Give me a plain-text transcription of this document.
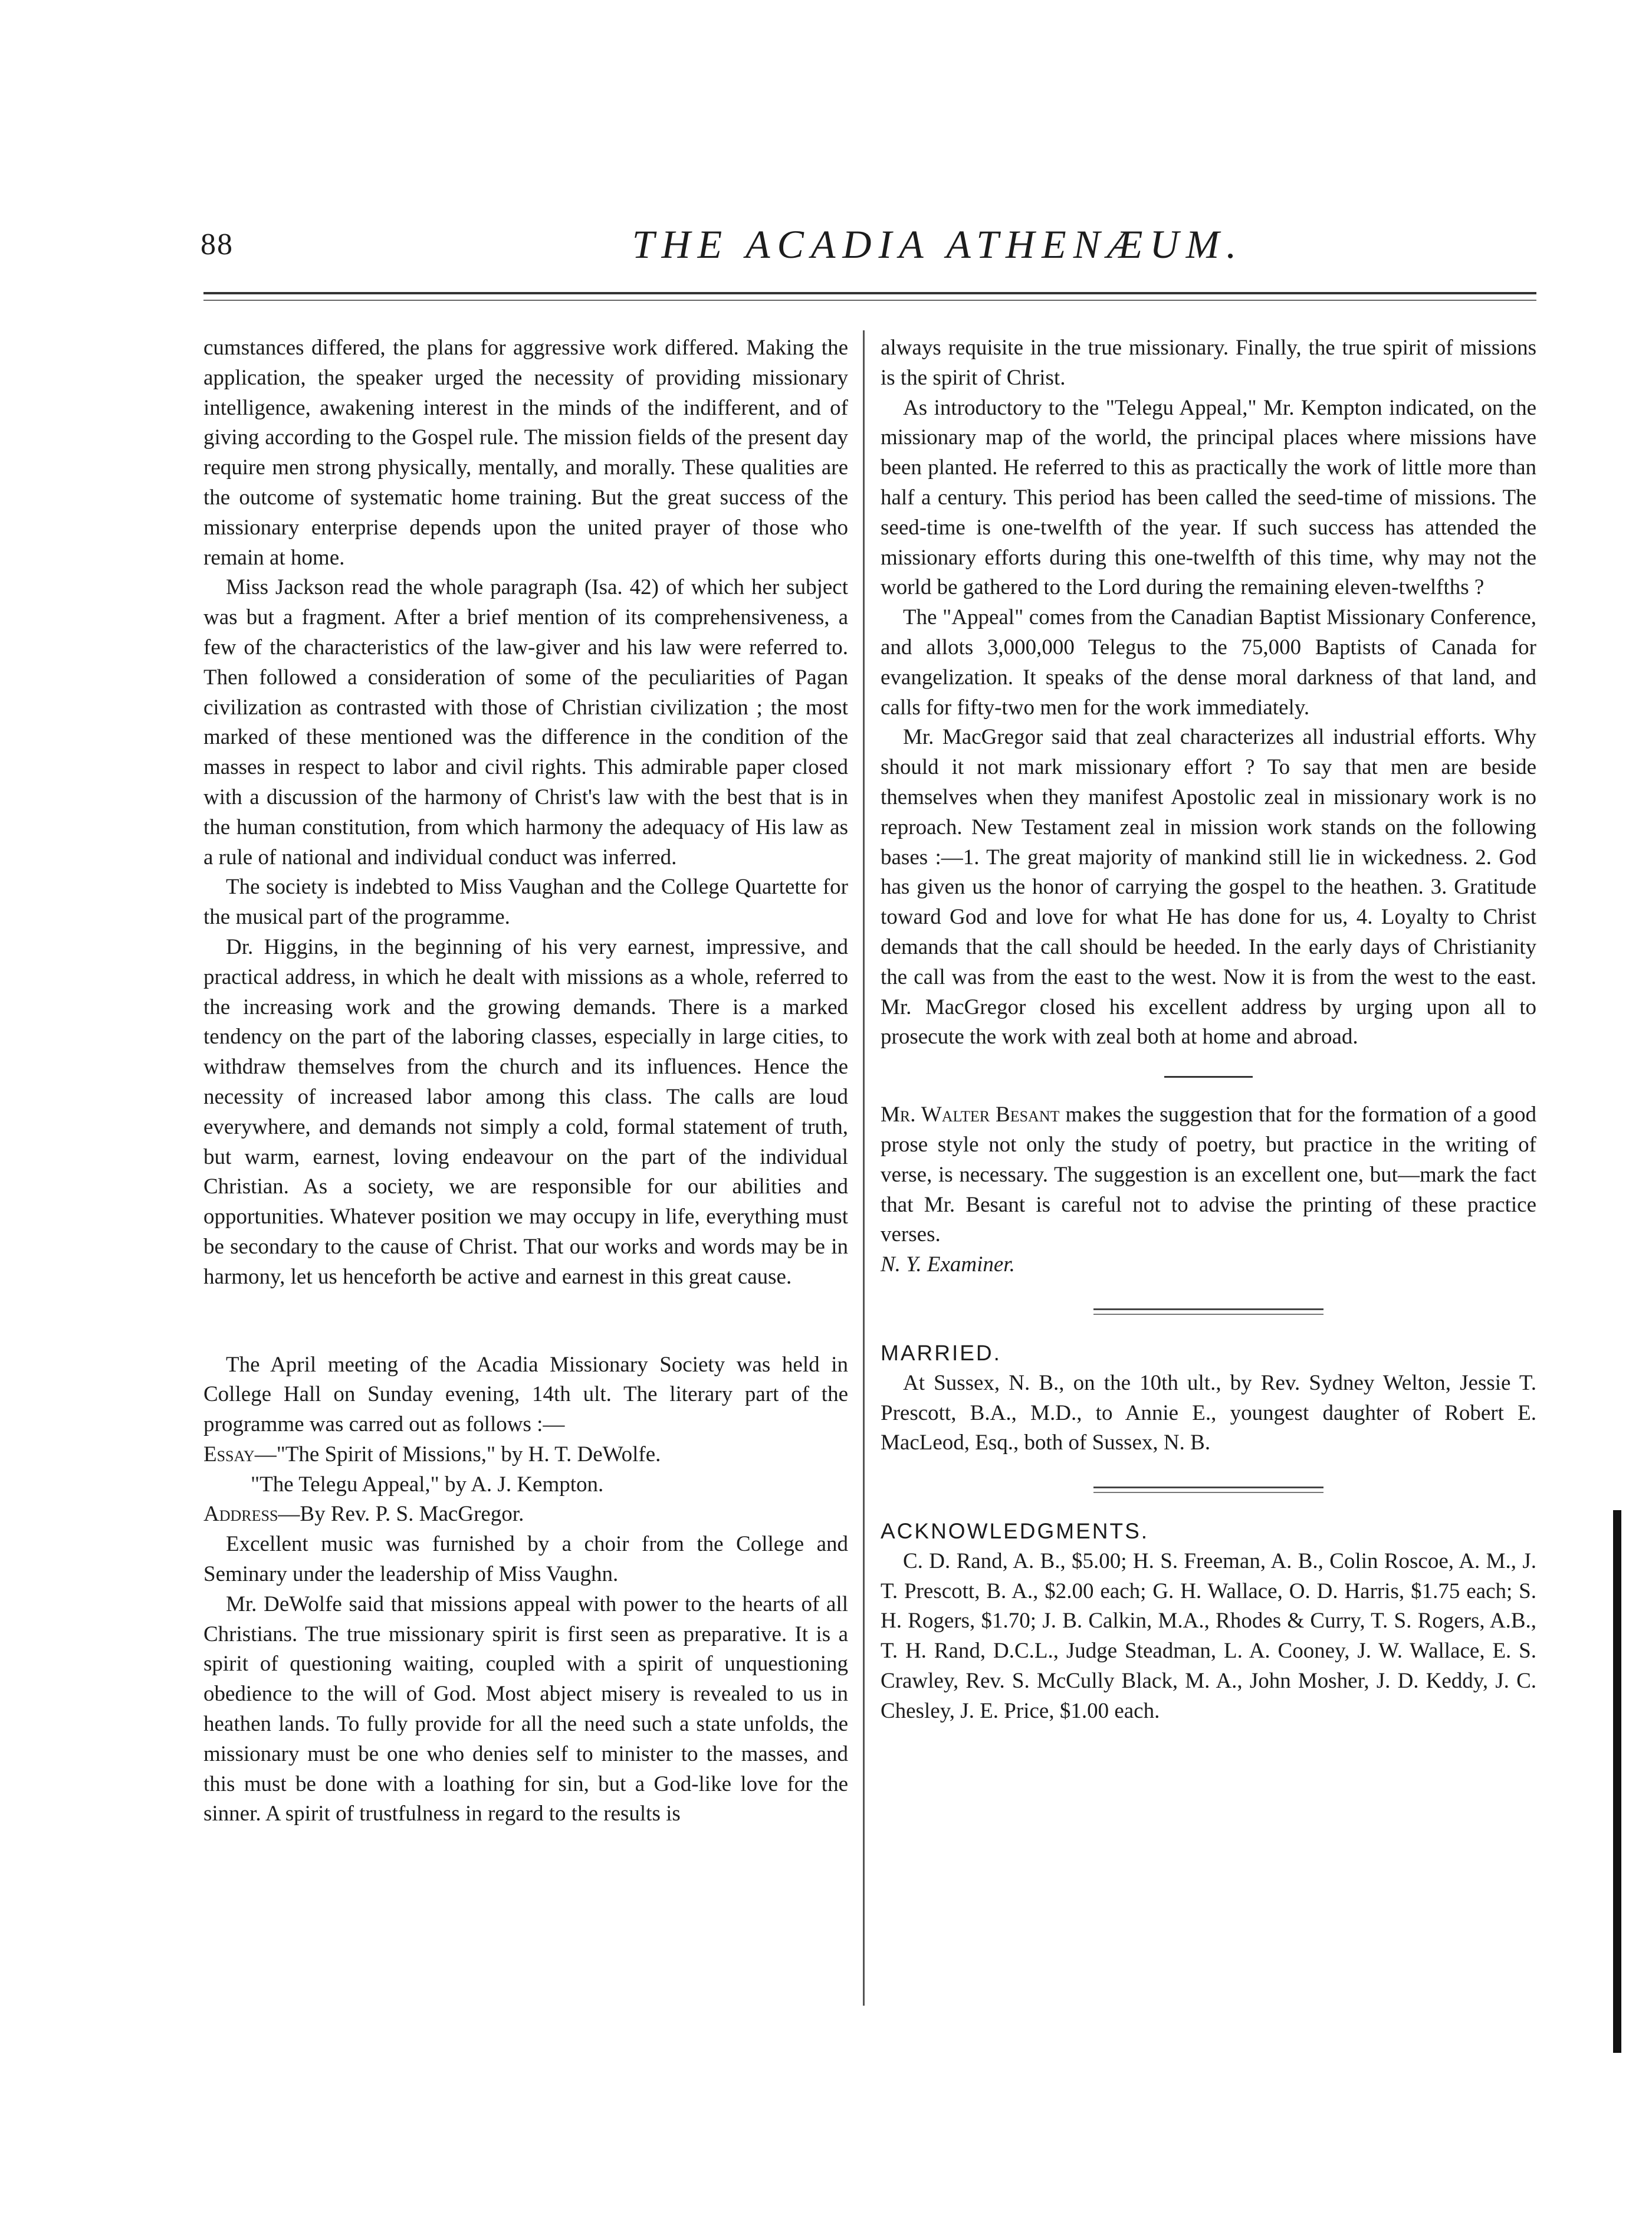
88	THE ACADIA ATHENÆUM.

cumstances differed, the plans for aggressive work differed. Making the application, the speaker urged the necessity of providing missionary intelligence, awakening interest in the minds of the indifferent, and of giving according to the Gospel rule. The mission fields of the present day require men strong physically, mentally, and morally. These qualities are the outcome of systematic home training. But the great success of the missionary enterprise depends upon the united prayer of those who remain at home.

Miss Jackson read the whole paragraph (Isa. 42) of which her subject was but a fragment. After a brief mention of its comprehensiveness, a few of the characteristics of the law-giver and his law were referred to. Then followed a consideration of some of the peculiarities of Pagan civilization as contrasted with those of Christian civilization ; the most marked of these mentioned was the difference in the condition of the masses in respect to labor and civil rights. This admirable paper closed with a discussion of the harmony of Christ's law with the best that is in the human constitution, from which harmony the adequacy of His law as a rule of national and individual conduct was inferred.

The society is indebted to Miss Vaughan and the College Quartette for the musical part of the programme.

Dr. Higgins, in the beginning of his very earnest, impressive, and practical address, in which he dealt with missions as a whole, referred to the increasing work and the growing demands. There is a marked tendency on the part of the laboring classes, especially in large cities, to withdraw themselves from the church and its influences. Hence the necessity of increased labor among this class. The calls are loud everywhere, and demands not simply a cold, formal statement of truth, but warm, earnest, loving endeavour on the part of the individual Christian. As a society, we are responsible for our abilities and opportunities. Whatever position we may occupy in life, everything must be secondary to the cause of Christ. That our works and words may be in harmony, let us henceforth be active and earnest in this great cause.

The April meeting of the Acadia Missionary Society was held in College Hall on Sunday evening, 14th ult. The literary part of the programme was carred out as follows :—

Essay—"The Spirit of Missions," by H. T. DeWolfe.

"The Telegu Appeal," by A. J. Kempton.

Address—By Rev. P. S. MacGregor.

Excellent music was furnished by a choir from the College and Seminary under the leadership of Miss Vaughn.

Mr. DeWolfe said that missions appeal with power to the hearts of all Christians. The true missionary spirit is first seen as preparative. It is a spirit of questioning waiting, coupled with a spirit of unquestioning obedience to the will of God. Most abject misery is revealed to us in heathen lands. To fully provide for all the need such a state unfolds, the missionary must be one who denies self to minister to the masses, and this must be done with a loathing for sin, but a God-like love for the sinner. A spirit of trustfulness in regard to the results is

always requisite in the true missionary. Finally, the true spirit of missions is the spirit of Christ.

As introductory to the "Telegu Appeal," Mr. Kempton indicated, on the missionary map of the world, the principal places where missions have been planted. He referred to this as practically the work of little more than half a century. This period has been called the seed-time of missions. The seed-time is one-twelfth of the year. If such success has attended the missionary efforts during this one-twelfth of this time, why may not the world be gathered to the Lord during the remaining eleven-twelfths ?

The "Appeal" comes from the Canadian Baptist Missionary Conference, and allots 3,000,000 Telegus to the 75,000 Baptists of Canada for evangelization. It speaks of the dense moral darkness of that land, and calls for fifty-two men for the work immediately.

Mr. MacGregor said that zeal characterizes all industrial efforts. Why should it not mark missionary effort ? To say that men are beside themselves when they manifest Apostolic zeal in missionary work is no reproach. New Testament zeal in mission work stands on the following bases :—1. The great majority of mankind still lie in wickedness. 2. God has given us the honor of carrying the gospel to the heathen. 3. Gratitude toward God and love for what He has done for us, 4. Loyalty to Christ demands that the call should be heeded. In the early days of Christianity the call was from the east to the west. Now it is from the west to the east. Mr. MacGregor closed his excellent address by urging upon all to prosecute the work with zeal both at home and abroad.

Mr. Walter Besant makes the suggestion that for the formation of a good prose style not only the study of poetry, but practice in the writing of verse, is necessary. The suggestion is an excellent one, but—mark the fact that Mr. Besant is careful not to advise the printing of these practice verses.

N. Y. Examiner.

MARRIED.

At Sussex, N. B., on the 10th ult., by Rev. Sydney Welton, Jessie T. Prescott, B.A., M.D., to Annie E., youngest daughter of Robert E. MacLeod, Esq., both of Sussex, N. B.

ACKNOWLEDGMENTS.

C. D. Rand, A. B., $5.00; H. S. Freeman, A. B., Colin Roscoe, A. M., J. T. Prescott, B. A., $2.00 each; G. H. Wallace, O. D. Harris, $1.75 each; S. H. Rogers, $1.70; J. B. Calkin, M.A., Rhodes & Curry, T. S. Rogers, A.B., T. H. Rand, D.C.L., Judge Steadman, L. A. Cooney, J. W. Wallace, E. S. Crawley, Rev. S. McCully Black, M. A., John Mosher, J. D. Keddy, J. C. Chesley, J. E. Price, $1.00 each.
